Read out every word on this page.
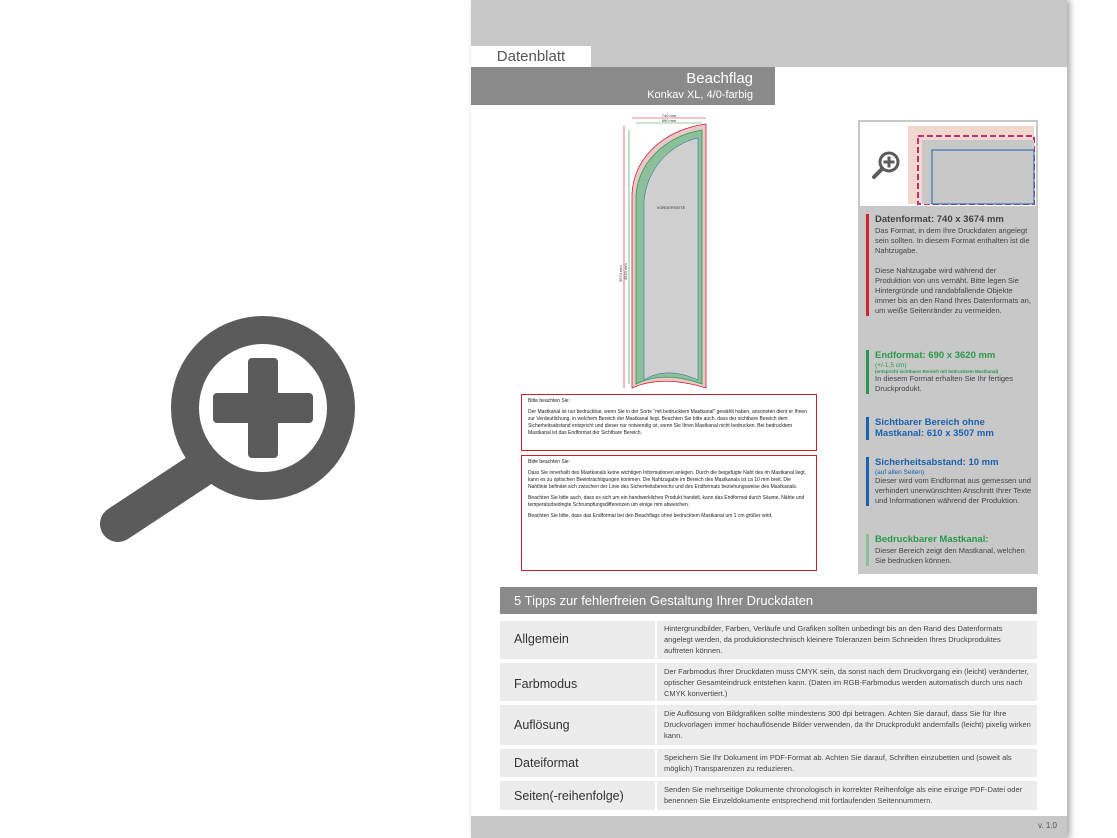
Datenblatt
Beachflag
Konkav XL, 4/0-farbig
740 mm
690 mm
3674 mm 3620 mm
VORDERSEITE

Bitte beachten Sie:

Der Mastkanal ist nur bedruckbar, wenn Sie in der Sorte "mit bedrucktem Mastkanal" gewählt haben, ansonsten dient er Ihnen zur Verdeutlichung, in welchem Bereich der Mastkanal liegt. Beachten Sie bitte auch, dass der sichtbare Bereich dem Sicherheitsabstand entspricht und dieser nur notwendig ist, wenn Sie Ihren Mastkanal nicht bedrucken. Bei bedrucktem Mastkanal ist das Endformat der Sichtbare Bereich.

Bitte beachten Sie:

Dass Sie innerhalb des Mastkanals keine wichtigen Informationen anlegen. Durch die beigefügte Naht des im Mastkanal liegt, kann es zu optischen Beeinträchtigungen kommen. Die Nahtzugabe im Bereich des Mastkanals ist ca 10 mm breit. Die Nahtlinie befindet sich zwischen der Linie des Sicherheitsbereichs und des Endformats beziehungsweise des Mastkanals.

Beachten Sie bitte auch, dass es sich um ein handwerkliches Produkt handelt, kann das Endformat durch Säume, Nähte und temperaturbedingte Schrumpfungsdifferenzen um einige mm abweichen.

Beachten Sie bitte, dass das Endformat bei den Beachflags ohne bedrucktem Mastkanal um 1 cm größer wird.

Datenformat: 740 x 3674 mm
Das Format, in dem Ihre Druckdaten angelegt sein sollten. In diesem Format enthalten ist die Nahtzugabe.

Diese Nahtzugabe wird während der Produktion von uns vernäht. Bitte legen Sie Hintergründe und randabfallende Objekte immer bis an den Rand Ihres Datenformats an, um weiße Seitenränder zu vermeiden.
Endformat: 690 x 3620 mm
(+/-1,5 cm)
(entspricht sichtbarer Bereich mit bedrucktem Mastkanal)
In diesem Format erhalten Sie Ihr fertiges Druckprodukt.
Sichtbarer Bereich ohne Mastkanal: 610 x 3507 mm
Sicherheitsabstand: 10 mm
(auf allen Seiten)
Dieser wird vom Endformat aus gemessen und verhindert unerwünschten Anschnitt Ihrer Texte und Informationen während der Produktion.
Bedruckbarer Mastkanal:
Dieser Bereich zeigt den Mastkanal, welchen Sie bedrucken können.
5 Tipps zur fehlerfreien Gestaltung Ihrer Druckdaten
Allgemein
Hintergrundbilder, Farben, Verläufe und Grafiken sollten unbedingt bis an den Rand des Datenformats angelegt werden, da produktionstechnisch kleinere Toleranzen beim Schneiden Ihres Druckproduktes auftreten können.
Farbmodus
Der Farbmodus Ihrer Druckdaten muss CMYK sein, da sonst nach dem Druckvorgang ein (leicht) veränderter, optischer Gesamteindruck entstehen kann. (Daten im RGB-Farbmodus werden automatisch durch uns nach CMYK konvertiert.)
Auflösung
Die Auflösung von Bildgrafiken sollte mindestens 300 dpi betragen. Achten Sie darauf, dass Sie für Ihre Druckvorlagen immer hochauflösende Bilder verwenden, da Ihr Druckprodukt andernfalls (leicht) pixelig wirken kann.
Dateiformat	Speichern Sie Ihr Dokument im PDF-Format ab. Achten Sie darauf, Schriften einzubetten und (soweit als möglich) Transparenzen zu reduzieren.
Seiten(-reihenfolge)	Senden Sie mehrseitige Dokumente chronologisch in korrekter Reihenfolge als eine einzige PDF-Datei oder benennen Sie Einzeldokumente entsprechend mit fortlaufenden Seitennummern.
v. 1.0
